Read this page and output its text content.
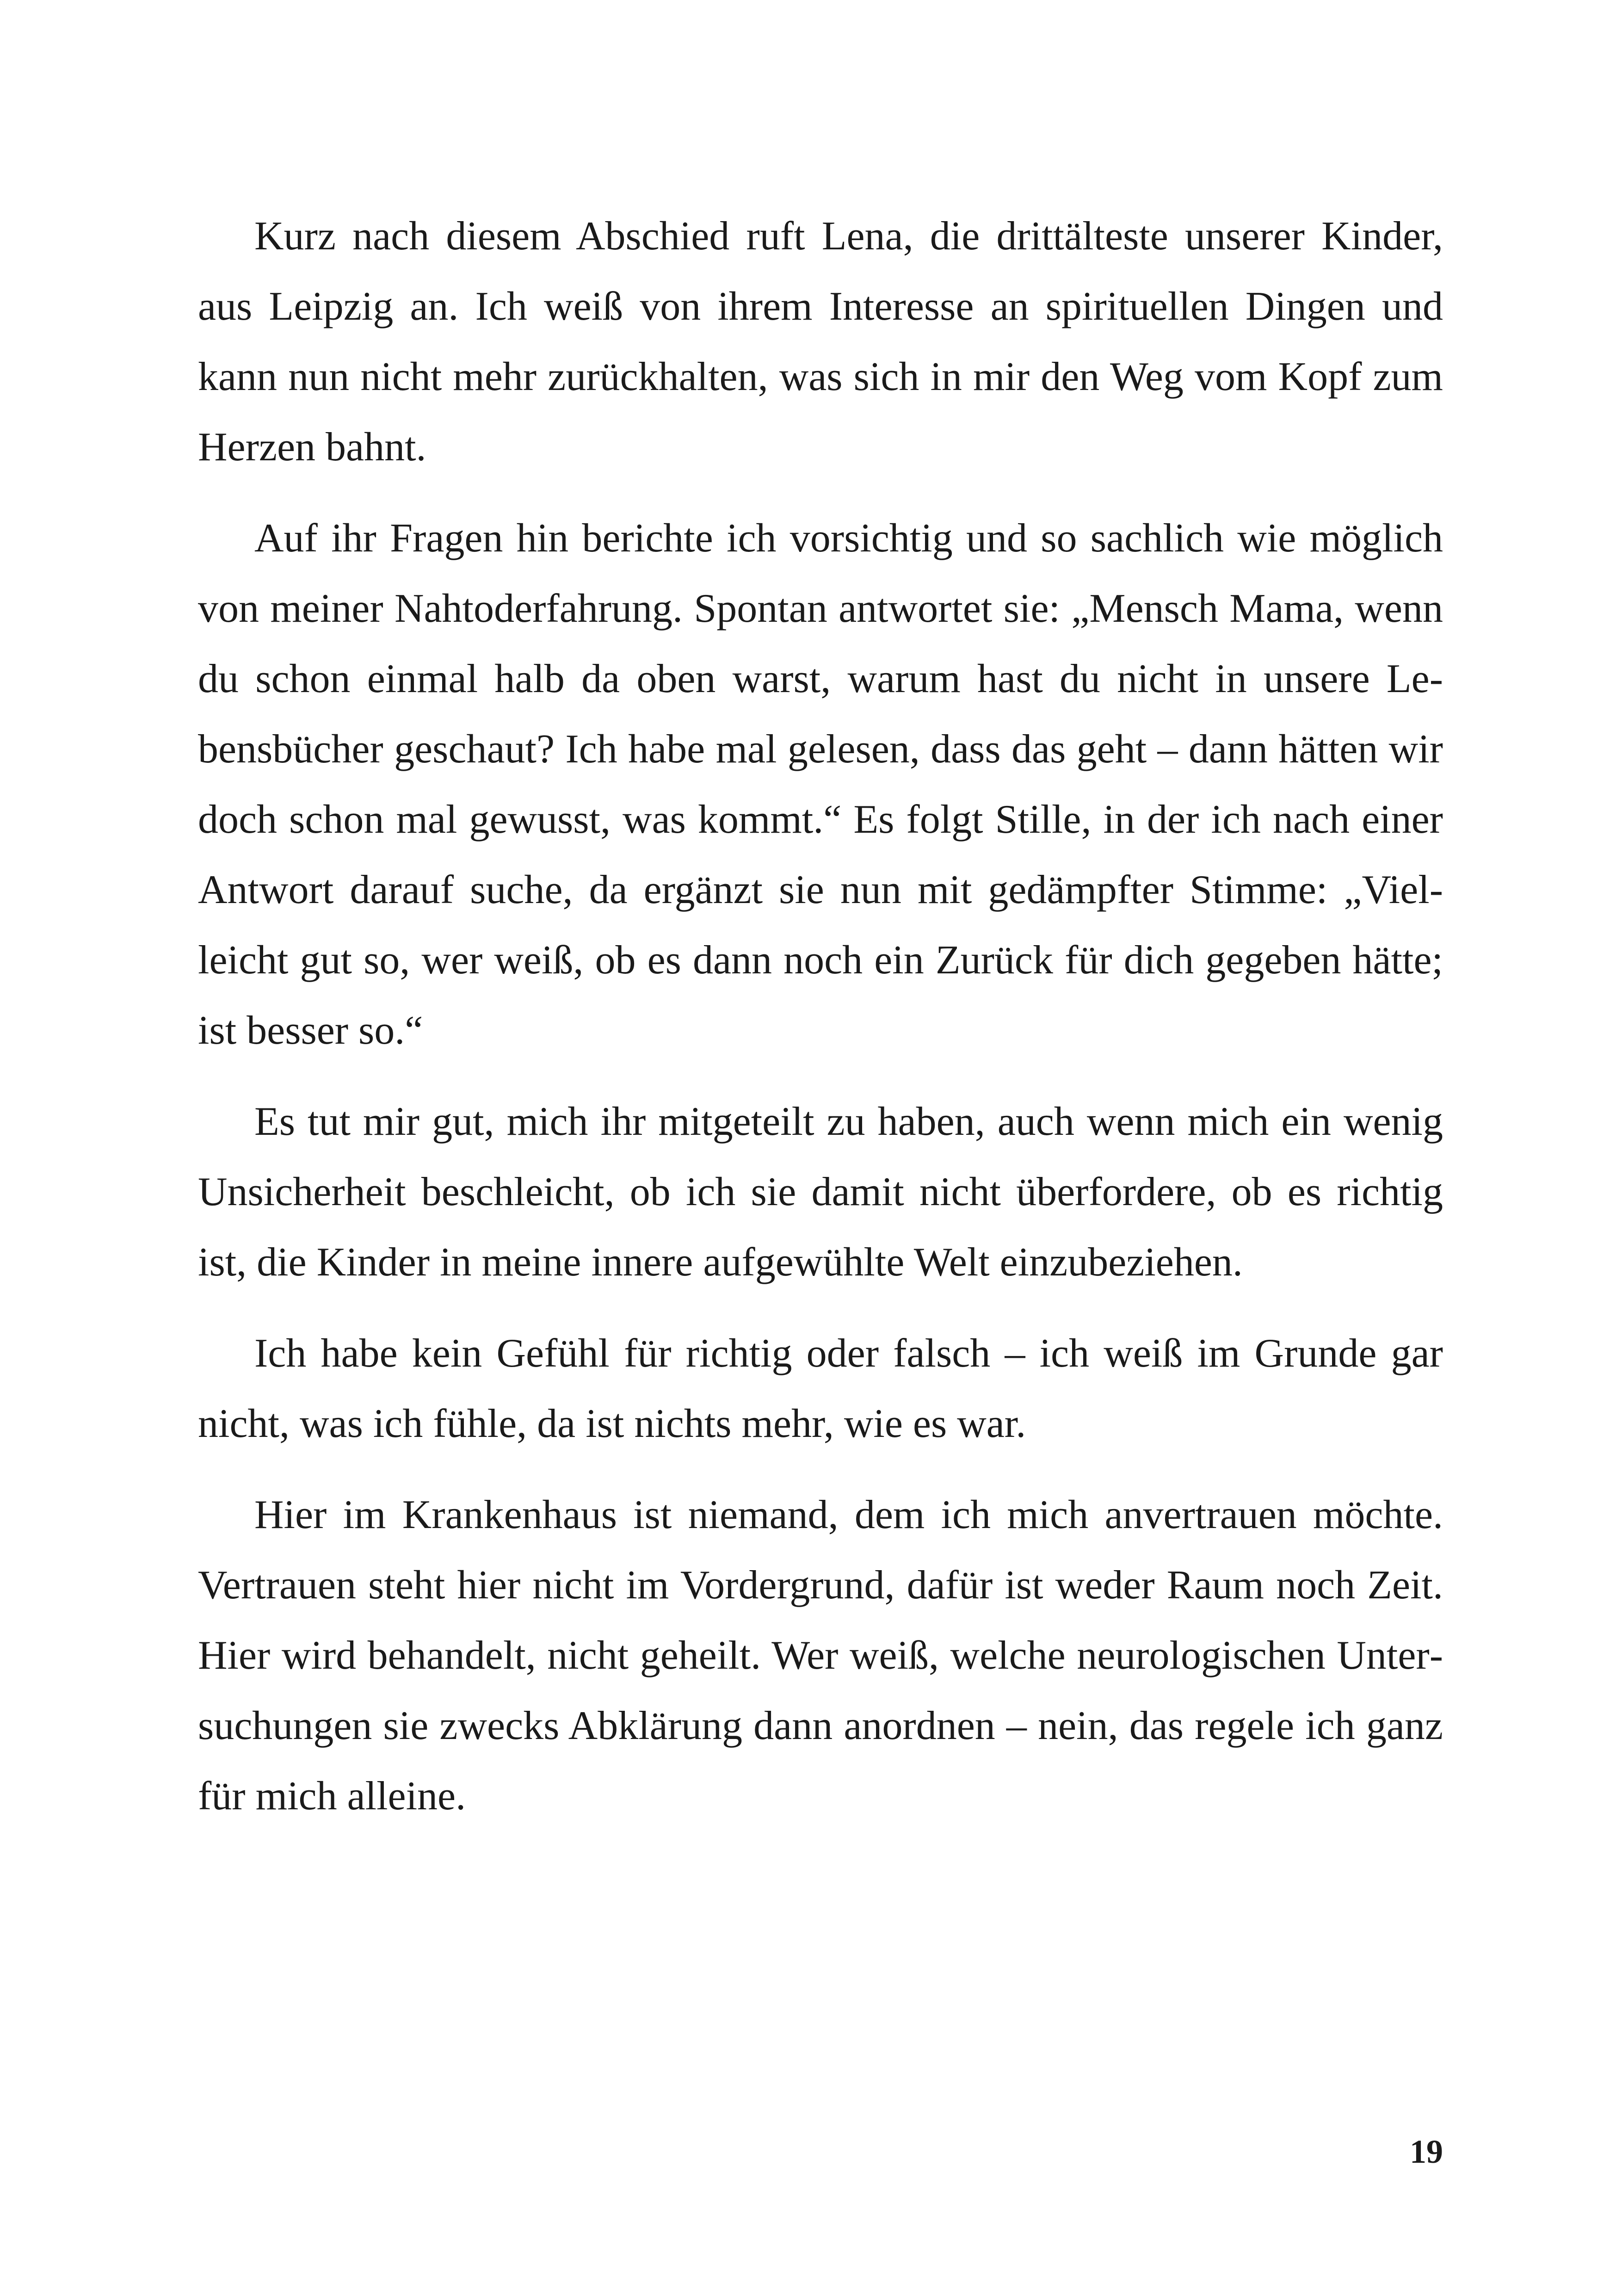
Kurz nach diesem Abschied ruft Lena, die drittälteste unserer Kinder, aus Leipzig an. Ich weiß von ihrem Interesse an spirituellen Dingen und kann nun nicht mehr zurückhalten, was sich in mir den Weg vom Kopf zum Herzen bahnt.

Auf ihr Fragen hin berichte ich vorsichtig und so sachlich wie möglich von meiner Nahtoderfahrung. Spontan antwortet sie: „Mensch Mama, wenn du schon einmal halb da oben warst, warum hast du nicht in unsere Lebensbücher geschaut? Ich habe mal gelesen, dass das geht – dann hätten wir doch schon mal gewusst, was kommt.“ Es folgt Stille, in der ich nach einer Antwort darauf suche, da ergänzt sie nun mit gedämpfter Stimme: „Vielleicht gut so, wer weiß, ob es dann noch ein Zurück für dich gegeben hätte; ist besser so.“

Es tut mir gut, mich ihr mitgeteilt zu haben, auch wenn mich ein wenig Unsicherheit beschleicht, ob ich sie damit nicht überfordere, ob es richtig ist, die Kinder in meine innere aufgewühlte Welt einzubeziehen.

Ich habe kein Gefühl für richtig oder falsch – ich weiß im Grunde gar nicht, was ich fühle, da ist nichts mehr, wie es war.

Hier im Krankenhaus ist niemand, dem ich mich anvertrauen möchte. Vertrauen steht hier nicht im Vordergrund, dafür ist weder Raum noch Zeit. Hier wird behandelt, nicht geheilt. Wer weiß, welche neurologischen Untersuchungen sie zwecks Abklärung dann anordnen – nein, das regele ich ganz für mich alleine.

19
